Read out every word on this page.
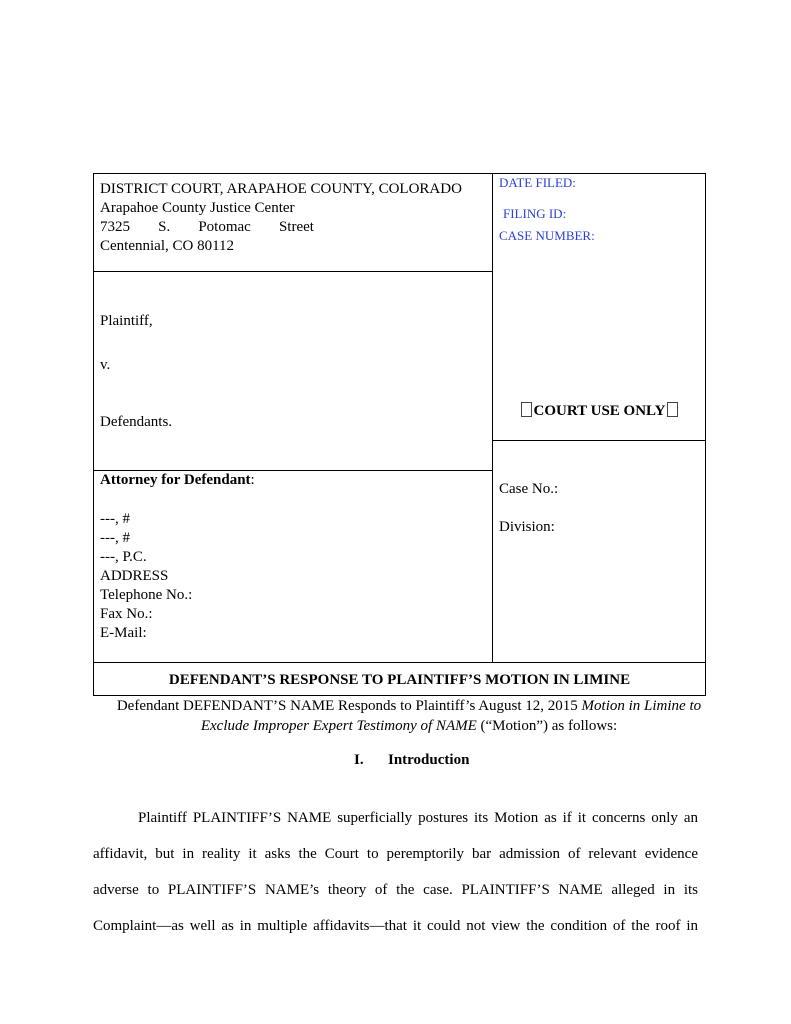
DISTRICT COURT, ARAPAHOE COUNTY, COLORADO
Arapahoe County Justice Center
7325 S. Potomac Street
Centennial, CO 80112
DATE FILED:
FILING ID:
CASE NUMBER:
Plaintiff,
v.
Defendants.
COURT USE ONLY
Attorney for Defendant:
---, #
---, #
---, P.C.
ADDRESS
Telephone No.:
Fax No.:
E-Mail:
Case No.:
Division:
DEFENDANT’S RESPONSE TO PLAINTIFF’S MOTION IN LIMINE
Defendant DEFENDANT’S NAME Responds to Plaintiff’s August 12, 2015 Motion in Limine to Exclude Improper Expert Testimony of NAME (“Motion”) as follows:
I. Introduction
Plaintiff PLAINTIFF’S NAME superficially postures its Motion as if it concerns only an
affidavit, but in reality it asks the Court to peremptorily bar admission of relevant evidence
adverse to PLAINTIFF’S NAME’s theory of the case. PLAINTIFF’S NAME alleged in its
Complaint—as well as in multiple affidavits—that it could not view the condition of the roof in
